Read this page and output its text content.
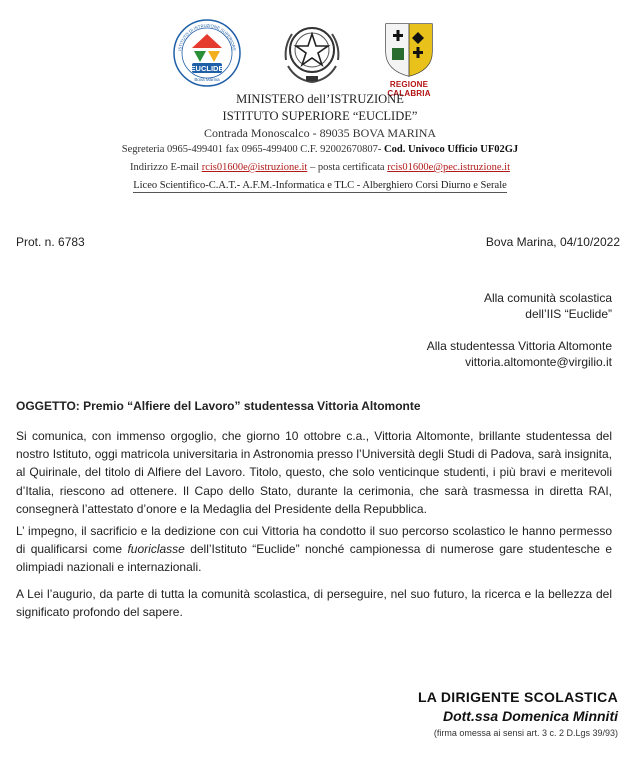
EUCLIDE
Bova Marina
ISTITUTO DI ISTRUZIONE SUPERIORE
REGIONE CALABRIA
MINISTERO dell’ISTRUZIONE
ISTITUTO SUPERIORE “EUCLIDE”
Contrada Monoscalco - 89035 BOVA MARINA
Segreteria 0965-499401 fax 0965-499400 C.F. 92002670807- Cod. Univoco Ufficio UF02GJ
Indirizzo E-mail rcis01600e@istruzione.it – posta certificata rcis01600e@pec.istruzione.it
Liceo Scientifico-C.A.T.- A.F.M.-Informatica e TLC - Alberghiero Corsi Diurno e Serale
Prot. n. 6783	Bova Marina, 04/10/2022
Alla comunità scolastica
dell’IIS “Euclide”
Alla studentessa Vittoria Altomonte
vittoria.altomonte@virgilio.it
OGGETTO: Premio “Alfiere del Lavoro” studentessa Vittoria Altomonte
Si comunica, con immenso orgoglio, che giorno 10 ottobre c.a., Vittoria Altomonte, brillante studentessa del nostro Istituto, oggi matricola universitaria in Astronomia presso l’Università degli Studi di Padova, sarà insignita, al Quirinale, del titolo di Alfiere del Lavoro. Titolo, questo, che solo venticinque studenti, i più bravi e meritevoli d’Italia, riescono ad ottenere. Il Capo dello Stato, durante la cerimonia, che sarà trasmessa in diretta RAI, consegnerà l’attestato d’onore e la Medaglia del Presidente della Repubblica.
L’ impegno, il sacrificio e la dedizione con cui Vittoria ha condotto il suo percorso scolastico le hanno permesso di qualificarsi come fuoriclasse dell’Istituto “Euclide” nonché campionessa di numerose gare studentesche e olimpiadi nazionali e internazionali.
A Lei l’augurio, da parte di tutta la comunità scolastica, di perseguire, nel suo futuro, la ricerca e la bellezza del significato profondo del sapere.
LA DIRIGENTE SCOLASTICA
Dott.ssa Domenica Minniti
(firma omessa ai sensi art. 3 c. 2 D.Lgs 39/93)
